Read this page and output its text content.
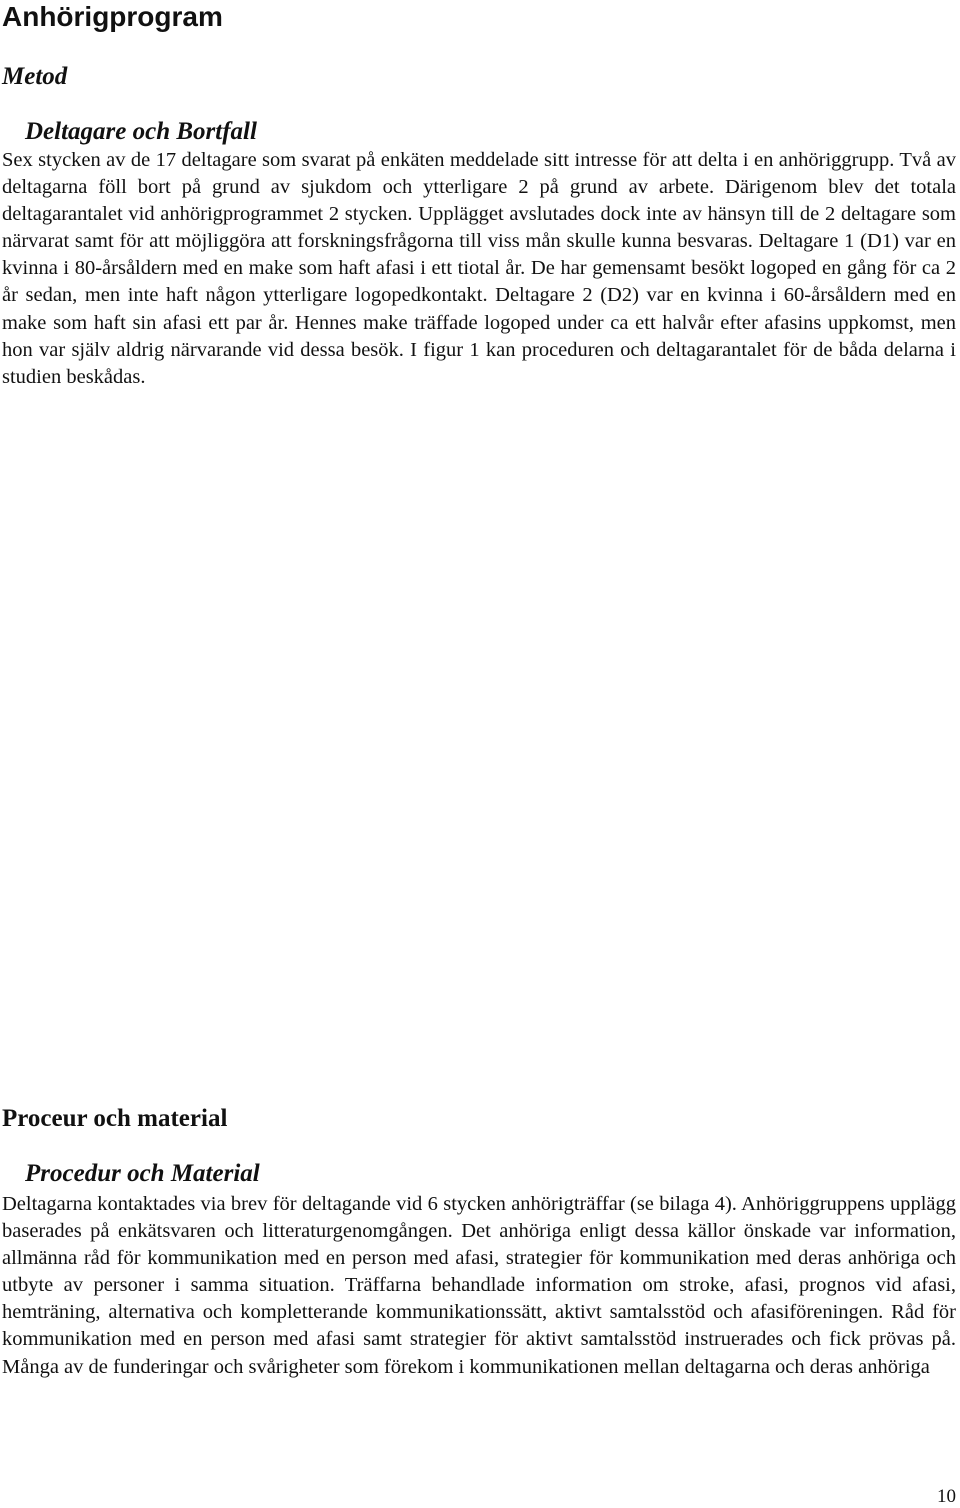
Anhörigprogram
Metod
Deltagare och Bortfall

Sex stycken av de 17 deltagare som svarat på enkäten meddelade sitt intresse för att delta i en anhöriggrupp. Två av deltagarna föll bort på grund av sjukdom och ytterligare 2 på grund av arbete. Därigenom blev det totala deltagarantalet vid anhörigprogrammet 2 stycken. Upplägget avslutades dock inte av hänsyn till de 2 deltagare som närvarat samt för att möjliggöra att forskningsfrågorna till viss mån skulle kunna besvaras. Deltagare 1 (D1) var en kvinna i 80-årsåldern med en make som haft afasi i ett tiotal år. De har gemensamt besökt logoped en gång för ca 2 år sedan, men inte haft någon ytterligare logopedkontakt. Deltagare 2 (D2) var en kvinna i 60-årsåldern med en make som haft sin afasi ett par år. Hennes make träffade logoped under ca ett halvår efter afasins uppkomst, men hon var själv aldrig närvarande vid dessa besök. I figur 1 kan proceduren och deltagarantalet för de båda delarna i studien beskådas.

Proceur och material
Procedur och Material

Deltagarna kontaktades via brev för deltagande vid 6 stycken anhörigträffar (se bilaga 4). Anhöriggruppens upplägg baserades på enkätsvaren och litteraturgenomgången. Det anhöriga enligt dessa källor önskade var information, allmänna råd för kommunikation med en person med afasi, strategier för kommunikation med deras anhöriga och utbyte av personer i samma situation. Träffarna behandlade information om stroke, afasi, prognos vid afasi, hemträning, alternativa och kompletterande kommunikationssätt, aktivt samtalsstöd och afasiföreningen. Råd för kommunikation med en person med afasi samt strategier för aktivt samtalsstöd instruerades och fick prövas på. Många av de funderingar och svårigheter som förekom i kommunikationen mellan deltagarna och deras anhöriga

10
